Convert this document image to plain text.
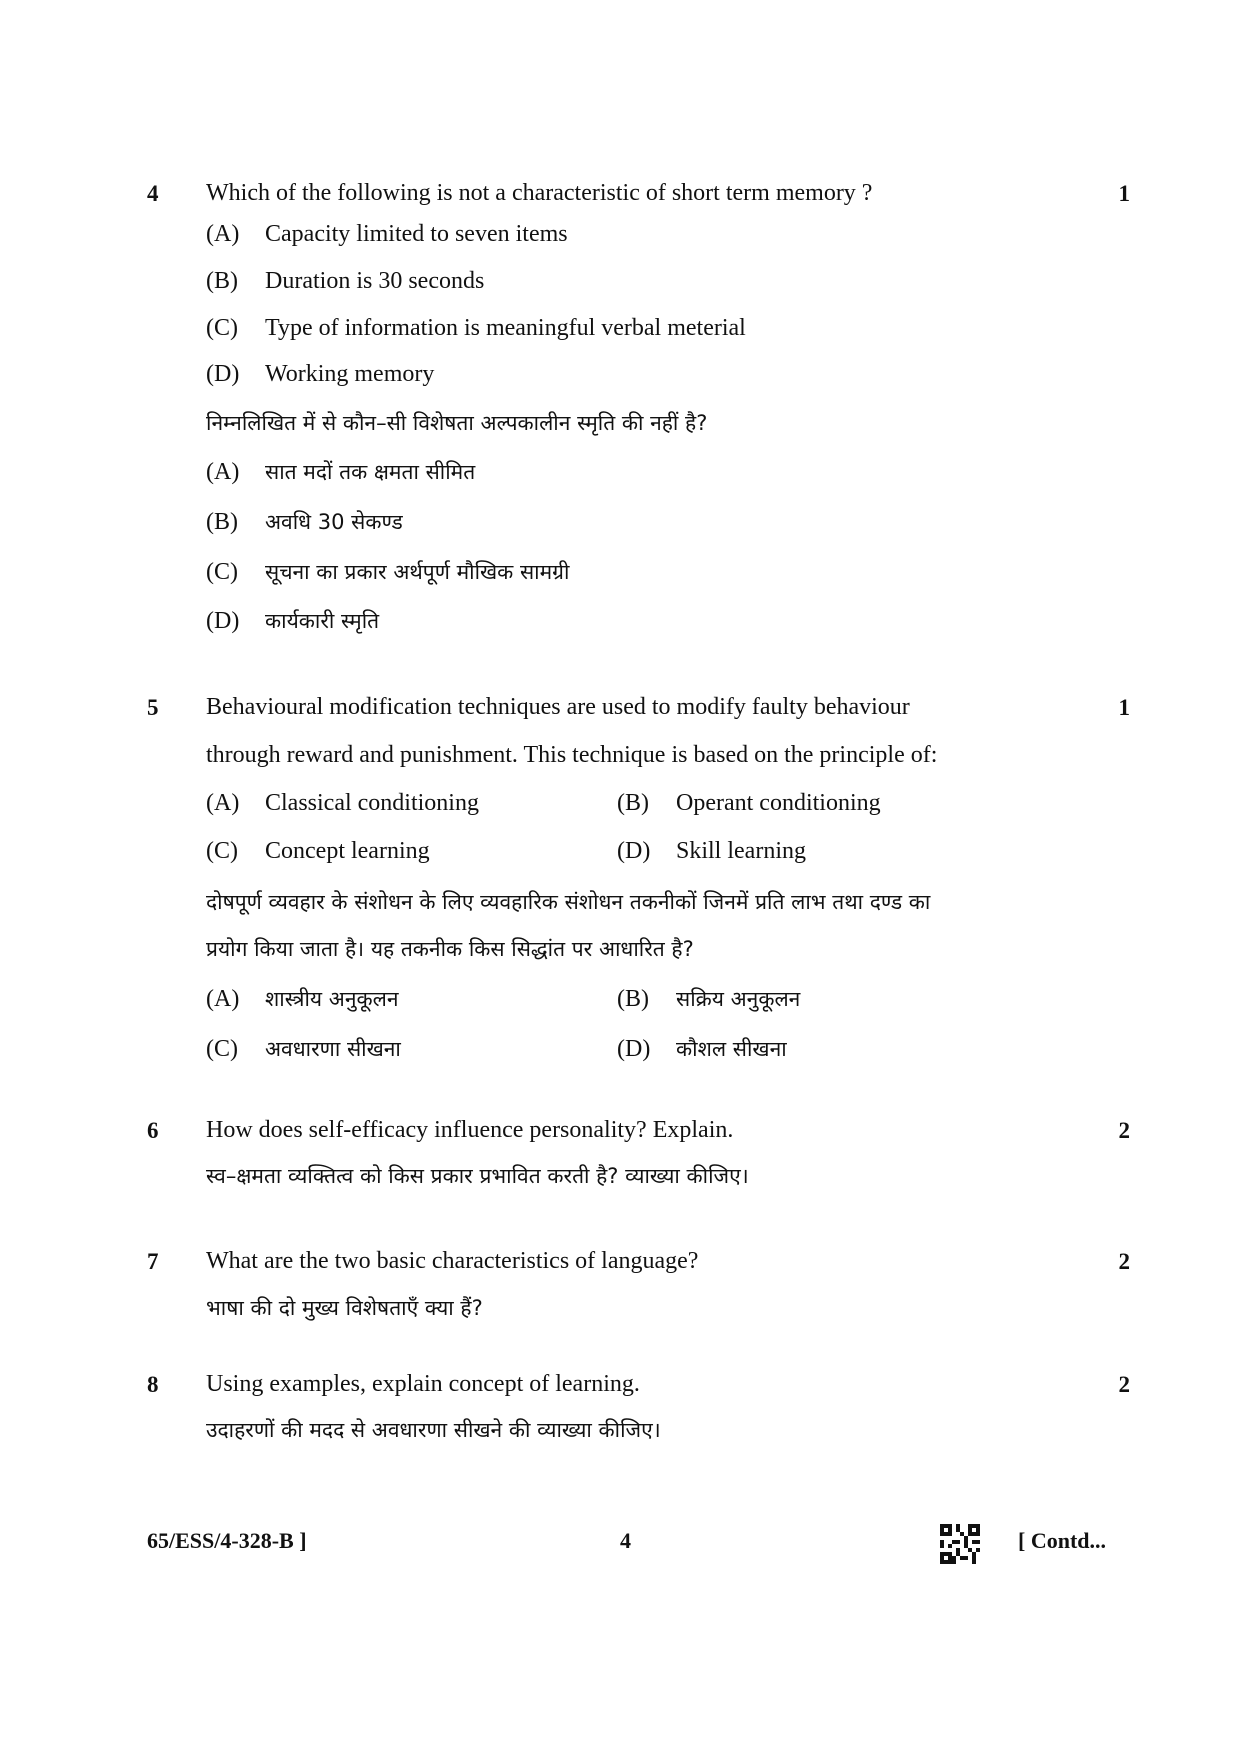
4	1
Which of the following is not a characteristic of short term memory ?
(A) Capacity limited to seven items
(B) Duration is 30 seconds
(C) Type of information is meaningful verbal meterial
(D) Working memory
निम्नलिखित में से कौन–सी विशेषता अल्पकालीन स्मृति की नहीं है?
(A) सात मदों तक क्षमता सीमित
(B) अवधि 30 सेकण्ड
(C) सूचना का प्रकार अर्थपूर्ण मौखिक सामग्री
(D) कार्यकारी स्मृति
5	1
Behavioural modification techniques are used to modify faulty behaviour
through reward and punishment. This technique is based on the principle of:
(A) Classical conditioning	(B) Operant conditioning
(C) Concept learning	(D) Skill learning
दोषपूर्ण व्यवहार के संशोधन के लिए व्यवहारिक संशोधन तकनीकों जिनमें प्रति लाभ तथा दण्ड का
प्रयोग किया जाता है। यह तकनीक किस सिद्धांत पर आधारित है?
(A) शास्त्रीय अनुकूलन	(B) सक्रिय अनुकूलन
(C) अवधारणा सीखना	(D) कौशल सीखना
6	2
How does self-efficacy influence personality? Explain.
स्व–क्षमता व्यक्तित्व को किस प्रकार प्रभावित करती है? व्याख्या कीजिए।
7	2
What are the two basic characteristics of language?
भाषा की दो मुख्य विशेषताएँ क्या हैं?
8	2
Using examples, explain concept of learning.
उदाहरणों की मदद से अवधारणा सीखने की व्याख्या कीजिए।
65/ESS/4-328-B ]	4	[ Contd...
